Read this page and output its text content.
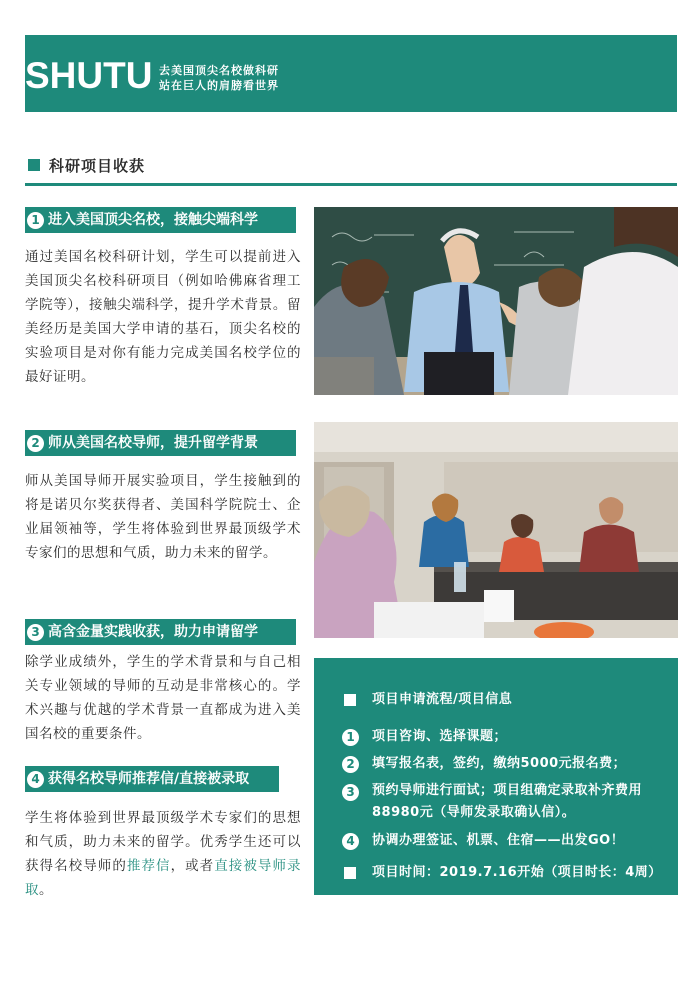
SHUTU 去美国顶尖名校做科研
站在巨人的肩膀看世界
科研项目收获
1 进入美国顶尖名校，接触尖端科学

通过美国名校科研计划，学生可以提前进入美国顶尖名校科研项目（例如哈佛麻省理工学院等），接触尖端科学，提升学术背景。留美经历是美国大学申请的基石，顶尖名校的实验项目是对你有能力完成美国名校学位的最好证明。

2 师从美国名校导师，提升留学背景

师从美国导师开展实验项目，学生接触到的将是诺贝尔奖获得者、美国科学院院士、企业届领袖等，学生将体验到世界最顶级学术专家们的思想和气质，助力未来的留学。

3 高含金量实践收获，助力申请留学

除学业成绩外，学生的学术背景和与自己相关专业领域的导师的互动是非常核心的。学术兴趣与优越的学术背景一直都成为进入美国名校的重要条件。

4 获得名校导师推荐信/直接被录取

学生将体验到世界最顶级学术专家们的思想和气质，助力未来的留学。优秀学生还可以获得名校导师的推荐信，或者直接被导师录取。

项目申请流程/项目信息
1	项目咨询、选择课题；
2	填写报名表，签约，缴纳5000元报名费；
3	预约导师进行面试；项目组确定录取补齐费用88980元（导师发录取确认信）。
4	协调办理签证、机票、住宿——出发GO！
项目时间：2019.7.16开始（项目时长：4周）
